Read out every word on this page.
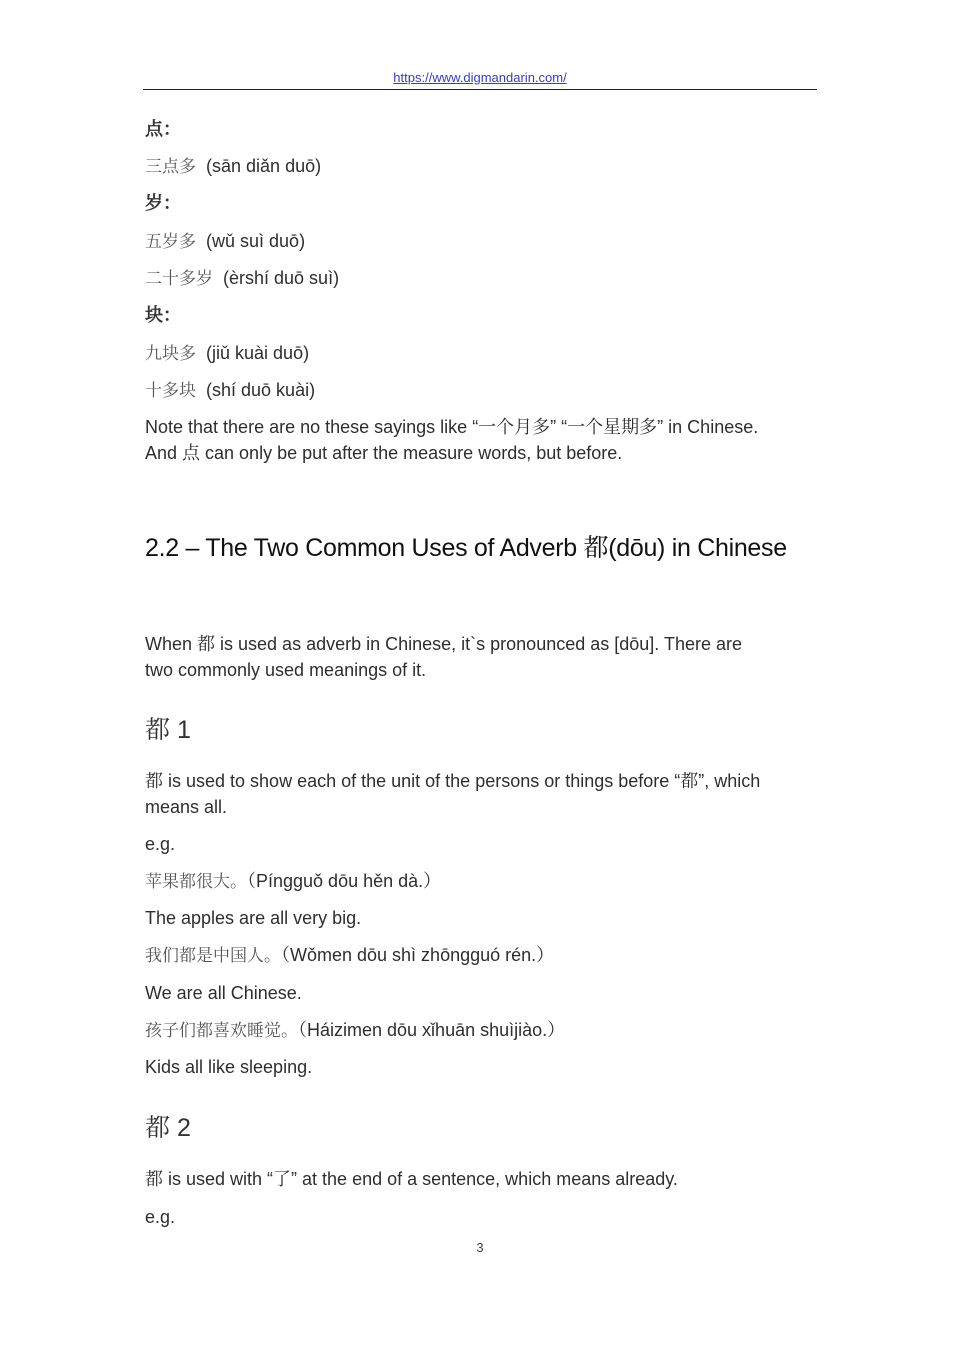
https://www.digmandarin.com/
点：
三点多 (sān diǎn duō)
岁：
五岁多 (wǔ suì duō)
二十多岁 (èrshí duō suì)
块：
九块多 (jiǔ kuài duō)
十多块 (shí duō kuài)
Note that there are no these sayings like “一个月多” “一个星期多” in Chinese.
And 点 can only be put after the measure words, but before.
2.2 – The Two Common Uses of Adverb 都(dōu) in Chinese
When 都 is used as adverb in Chinese, it`s pronounced as [dōu]. There are
two commonly used meanings of it.
都 1
都 is used to show each of the unit of the persons or things before “都”, which
means all.
e.g.
苹果都很大。（Píngguǒ dōu hěn dà.）
The apples are all very big.
我们都是中国人。（Wǒmen dōu shì zhōngguó rén.）
We are all Chinese.
孩子们都喜欢睡觉。（Háizimen dōu xǐhuān shuìjiào.）
Kids all like sleeping.
都 2
都 is used with “了” at the end of a sentence, which means already.
e.g.
3
